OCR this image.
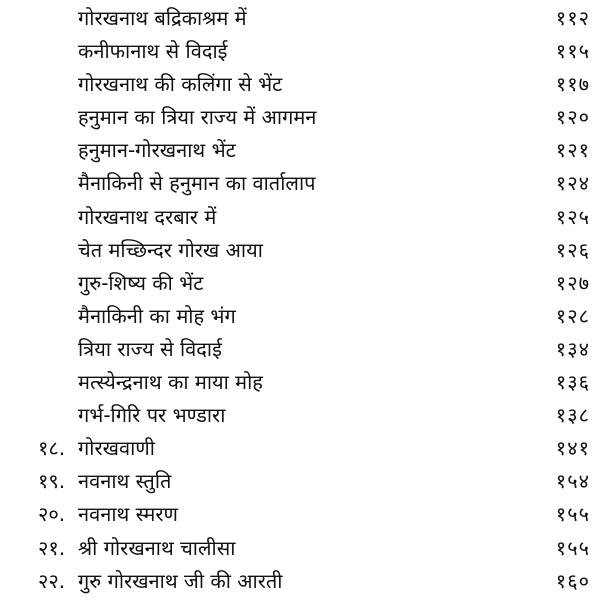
गोरखनाथ बद्रिकाश्रम में	११२
कनीफानाथ से विदाई	११५
गोरखनाथ की कलिंगा से भेंट	११७
हनुमान का त्रिया राज्य में आगमन	१२०
हनुमान-गोरखनाथ भेंट	१२१
मैनाकिनी से हनुमान का वार्तालाप	१२४
गोरखनाथ दरबार में	१२५
चेत मच्छिन्दर गोरख आया	१२६
गुरु-शिष्य की भेंट	१२७
मैनाकिनी का मोह भंग	१२८
त्रिया राज्य से विदाई	१३४
मत्स्येन्द्रनाथ का माया मोह	१३६
गर्भ-गिरि पर भण्डारा	१३८
१८. गोरखवाणी	१४१
१९. नवनाथ स्तुति	१५४
२०. नवनाथ स्मरण	१५५
२१. श्री गोरखनाथ चालीसा	१५५
२२. गुरु गोरखनाथ जी की आरती	१६०
